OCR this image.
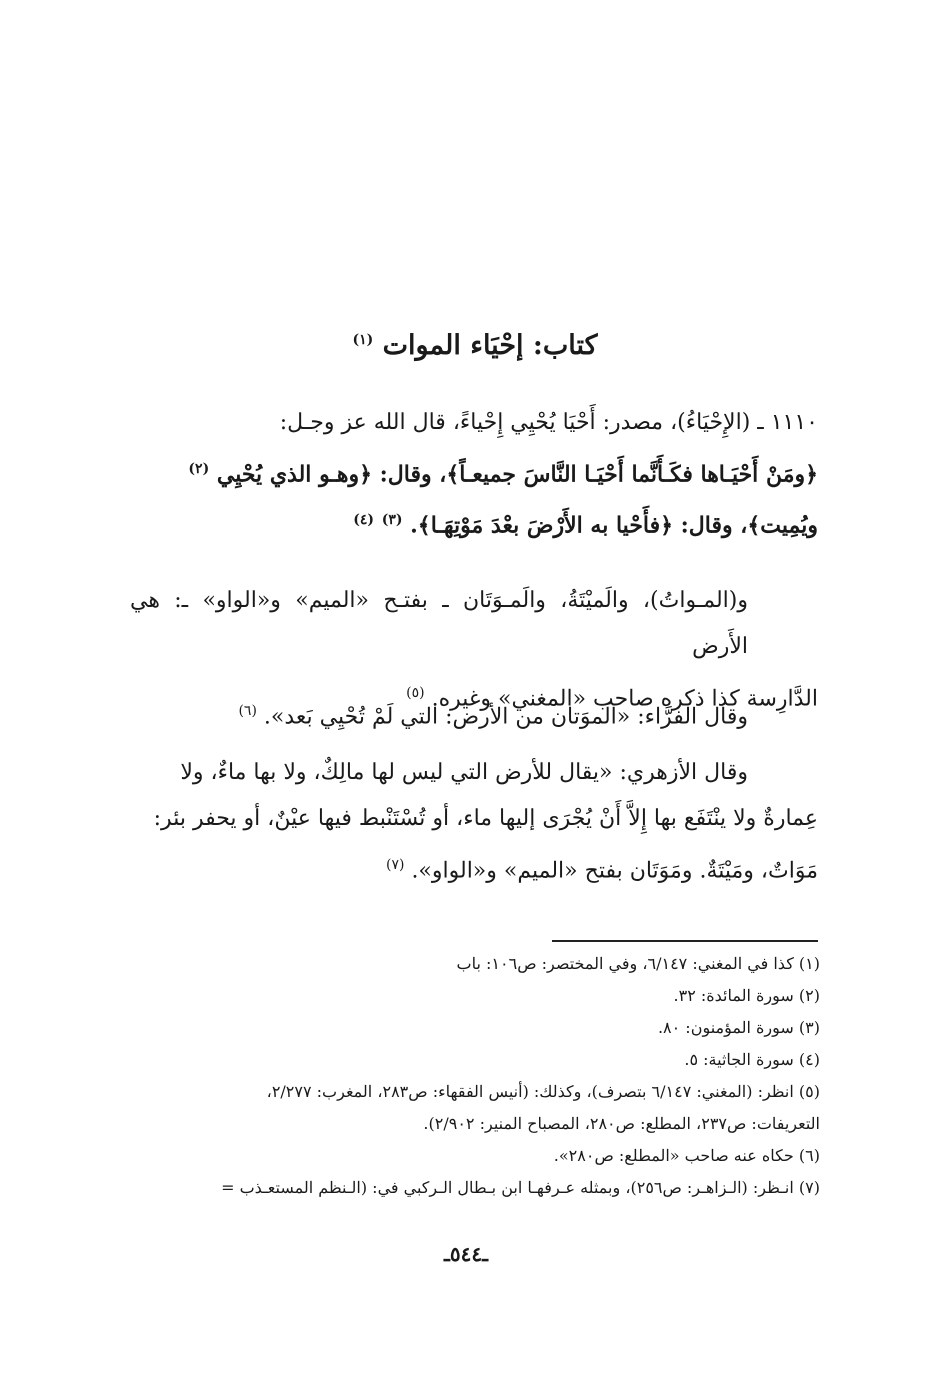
كتاب: إحْيَاء الموات $^{(١)}$
١١١٠ ـ (الإِحْيَاءُ)، مصدر: أَحْيَا يُحْيِي إِحْياءً، قال الله عز وجـل:
﴿ومَنْ أَحْيَـاها فكَـأَنَّما أَحْيَـا النَّاسَ جميعـاً﴾، وقال: ﴿وهـو الذي يُحْيِي $^{(٢)}$
ويُمِيت﴾، وقال: ﴿فأَحْيا به الأَرْضَ بعْدَ مَوْتِهَـا﴾. $^{(٣)}$ $^{(٤)}$
و(المـواتُ)، والَميْتَةُ، والَمـوَتَان ـ بفتـح «الميم» و«الواو» ـ: هي الأَرض
الدَّارِسة كذا ذكره صاحب «المغني» وغيره. $^{(٥)}$
وقال الفرَّاء: «الَموَتان من الأرض: التي لَمْ تُحْيِي بَعد». $^{(٦)}$
وقال الأزهري: «يقال للأرض التي ليس لها مالِكٌ، ولا بها ماءٌ، ولا
عِمارةٌ ولا ينْتَفَع بها إِلاَّ أَنْ يُجْرَى إليها ماء، أو تُسْتَنْبط فيها عيْنٌ، أو يحفر بئر:
مَوَاتٌ، ومَيْتَةٌ. ومَوَتَان بفتح «الميم» و«الواو». $^{(٧)}$

(١) كذا في المغني: ٦/١٤٧، وفي المختصر: ص١٠٦: باب

(٢) سورة المائدة: ٣٢.

(٣) سورة المؤمنون: ٨٠.

(٤) سورة الجاثية: ٥.

(٥) انظر: (المغني: ٦/١٤٧ بتصرف)، وكذلك: (أنيس الفقهاء: ص٢٨٣، المغرب: ٢/٢٧٧،

التعريفات: ص٢٣٧، المطلع: ص٢٨٠، المصباح المنير: ٢/٩٠٢).

(٦) حكاه عنه صاحب «المطلع: ص٢٨٠».

(٧) انـظر: (الـزاهـر: ص٢٥٦)، وبمثله عـرفهـا ابن بـطال الـركبي في: (الـنظم المستعـذب =

ـ٥٤٤ـ
